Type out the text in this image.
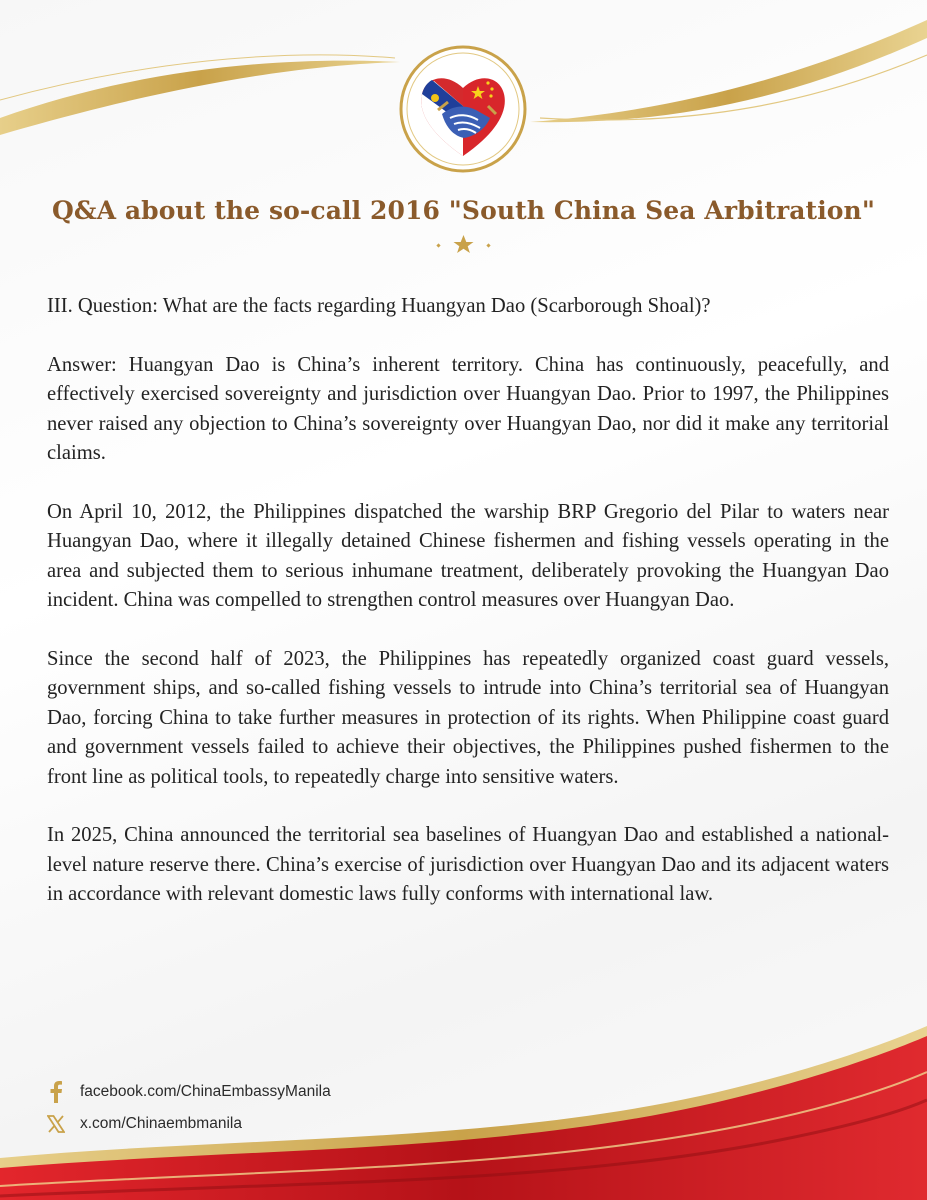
Q&A about the so-call 2016 "South China Sea Arbitration"

III. Question: What are the facts regarding Huangyan Dao (Scarborough Shoal)?

Answer: Huangyan Dao is China’s inherent territory. China has continuously, peacefully, and effectively exercised sovereignty and jurisdiction over Huangyan Dao. Prior to 1997, the Philippines never raised any objection to China’s sovereignty over Huangyan Dao, nor did it make any territorial claims.

On April 10, 2012, the Philippines dispatched the warship BRP Gregorio del Pilar to waters near Huangyan Dao, where it illegally detained Chinese fishermen and fishing vessels operating in the area and subjected them to serious inhumane treatment, deliberately provoking the Huangyan Dao incident. China was compelled to strengthen control measures over Huangyan Dao.

Since the second half of 2023, the Philippines has repeatedly organized coast guard vessels, government ships, and so-called fishing vessels to intrude into China’s territorial sea of Huangyan Dao, forcing China to take further measures in protection of its rights. When Philippine coast guard and government vessels failed to achieve their objectives, the Philippines pushed fishermen to the front line as political tools, to repeatedly charge into sensitive waters.

In 2025, China announced the territorial sea baselines of Huangyan Dao and established a national-level nature reserve there. China’s exercise of jurisdiction over Huangyan Dao and its adjacent waters in accordance with relevant domestic laws fully conforms with international law.

facebook.com/ChinaEmbassyManila
x.com/Chinaembmanila
